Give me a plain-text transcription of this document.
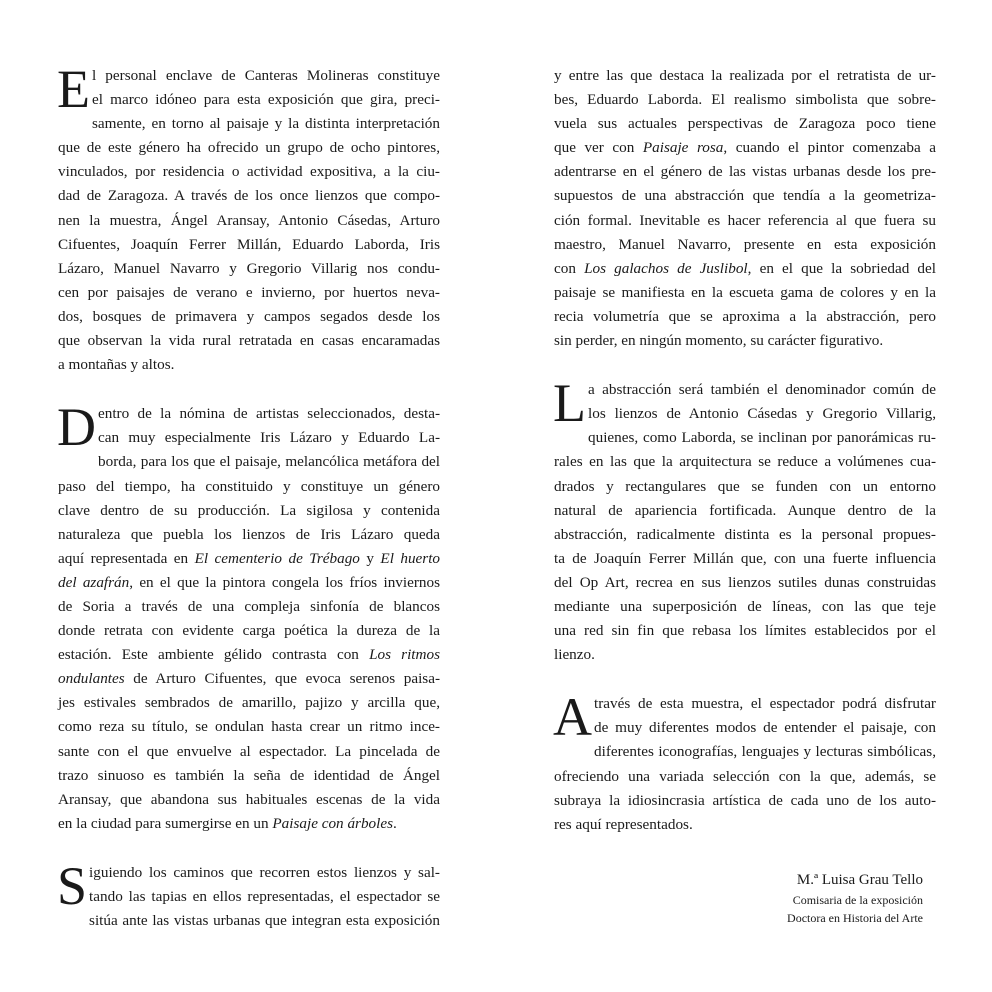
E l personal enclave de Canteras Molineras constituye
el marco idóneo para esta exposición que gira, preci-
samente, en torno al paisaje y la distinta interpretación
que de este género ha ofrecido un grupo de ocho pintores,
vinculados, por residencia o actividad expositiva, a la ciu-
dad de Zaragoza. A través de los once lienzos que compo-
nen la muestra, Ángel Aransay, Antonio Cásedas, Arturo
Cifuentes, Joaquín Ferrer Millán, Eduardo Laborda, Iris
Lázaro, Manuel Navarro y Gregorio Villarig nos condu-
cen por paisajes de verano e invierno, por huertos neva-
dos, bosques de primavera y campos segados desde los
que observan la vida rural retratada en casas encaramadas
a montañas y altos.
D entro de la nómina de artistas seleccionados, desta-
can muy especialmente Iris Lázaro y Eduardo La-
borda, para los que el paisaje, melancólica metáfora del
paso del tiempo, ha constituido y constituye un género
clave dentro de su producción. La sigilosa y contenida
naturaleza que puebla los lienzos de Iris Lázaro queda
aquí representada en El cementerio de Trébago y El huerto
del azafrán, en el que la pintora congela los fríos inviernos
de Soria a través de una compleja sinfonía de blancos
donde retrata con evidente carga poética la dureza de la
estación. Este ambiente gélido contrasta con Los ritmos
ondulantes de Arturo Cifuentes, que evoca serenos paisa-
jes estivales sembrados de amarillo, pajizo y arcilla que,
como reza su título, se ondulan hasta crear un ritmo ince-
sante con el que envuelve al espectador. La pincelada de
trazo sinuoso es también la seña de identidad de Ángel
Aransay, que abandona sus habituales escenas de la vida
en la ciudad para sumergirse en un Paisaje con árboles.
S iguiendo los caminos que recorren estos lienzos y sal-
tando las tapias en ellos representadas, el espectador se
sitúa ante las vistas urbanas que integran esta exposición
y entre las que destaca la realizada por el retratista de ur-
bes, Eduardo Laborda. El realismo simbolista que sobre-
vuela sus actuales perspectivas de Zaragoza poco tiene
que ver con Paisaje rosa, cuando el pintor comenzaba a
adentrarse en el género de las vistas urbanas desde los pre-
supuestos de una abstracción que tendía a la geometriza-
ción formal. Inevitable es hacer referencia al que fuera su
maestro, Manuel Navarro, presente en esta exposición
con Los galachos de Juslibol, en el que la sobriedad del
paisaje se manifiesta en la escueta gama de colores y en la
recia volumetría que se aproxima a la abstracción, pero
sin perder, en ningún momento, su carácter figurativo.
L a abstracción será también el denominador común de
los lienzos de Antonio Cásedas y Gregorio Villarig,
quienes, como Laborda, se inclinan por panorámicas ru-
rales en las que la arquitectura se reduce a volúmenes cua-
drados y rectangulares que se funden con un entorno
natural de apariencia fortificada. Aunque dentro de la
abstracción, radicalmente distinta es la personal propues-
ta de Joaquín Ferrer Millán que, con una fuerte influencia
del Op Art, recrea en sus lienzos sutiles dunas construidas
mediante una superposición de líneas, con las que teje
una red sin fin que rebasa los límites establecidos por el
lienzo.
A través de esta muestra, el espectador podrá disfrutar
de muy diferentes modos de entender el paisaje, con
diferentes iconografías, lenguajes y lecturas simbólicas,
ofreciendo una variada selección con la que, además, se
subraya la idiosincrasia artística de cada uno de los auto-
res aquí representados.
M.ª Luisa Grau Tello
Comisaria de la exposición
Doctora en Historia del Arte
